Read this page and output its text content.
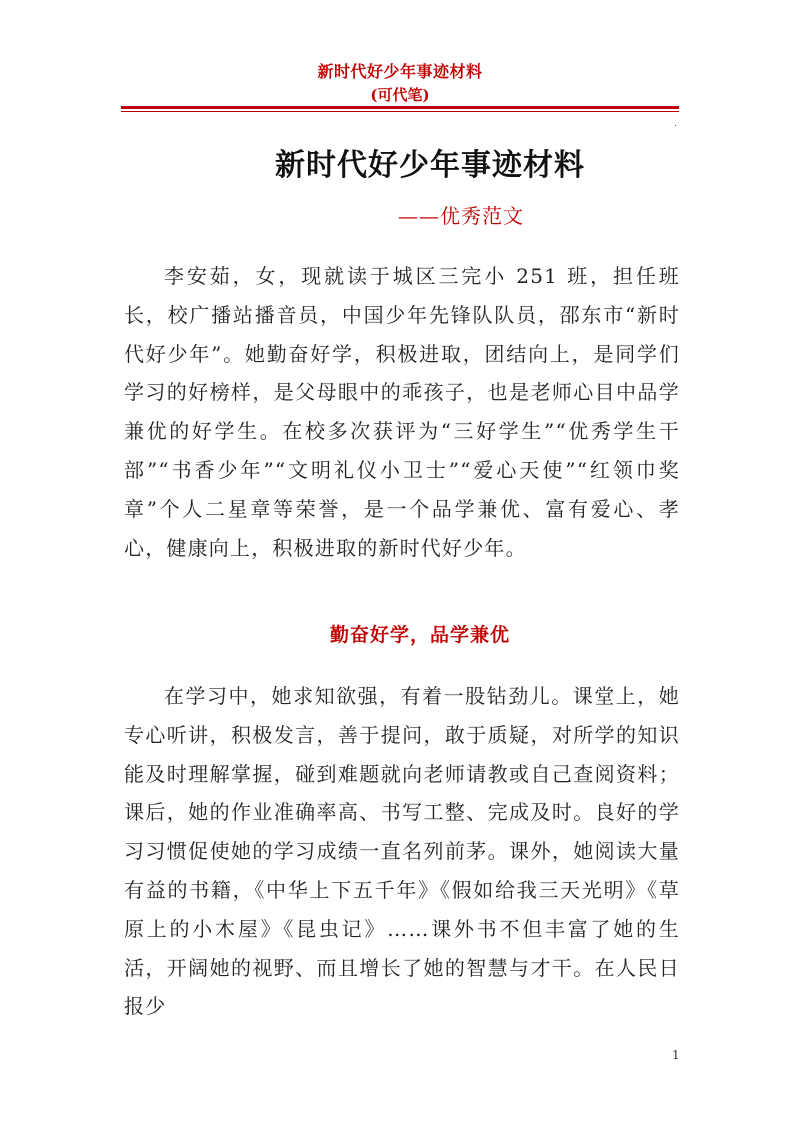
新时代好少年事迹材料
(可代笔)
.
新时代好少年事迹材料
——优秀范文

李安茹，女，现就读于城区三完小 251 班，担任班长，校广播站播音员，中国少年先锋队队员，邵东市“新时代好少年”。她勤奋好学，积极进取，团结向上，是同学们学习的好榜样，是父母眼中的乖孩子，也是老师心目中品学兼优的好学生。在校多次获评为“三好学生”“优秀学生干部”“书香少年”“文明礼仪小卫士”“爱心天使”“红领巾奖章”个人二星章等荣誉，是一个品学兼优、富有爱心、孝心，健康向上，积极进取的新时代好少年。

勤奋好学，品学兼优

在学习中，她求知欲强，有着一股钻劲儿。课堂上，她专心听讲，积极发言，善于提问，敢于质疑，对所学的知识能及时理解掌握，碰到难题就向老师请教或自己查阅资料；课后，她的作业准确率高、书写工整、完成及时。良好的学习习惯促使她的学习成绩一直名列前茅。课外，她阅读大量有益的书籍，《中华上下五千年》《假如给我三天光明》《草原上的小木屋》《昆虫记》……课外书不但丰富了她的生活，开阔她的视野、而且增长了她的智慧与才干。在人民日报少

1
